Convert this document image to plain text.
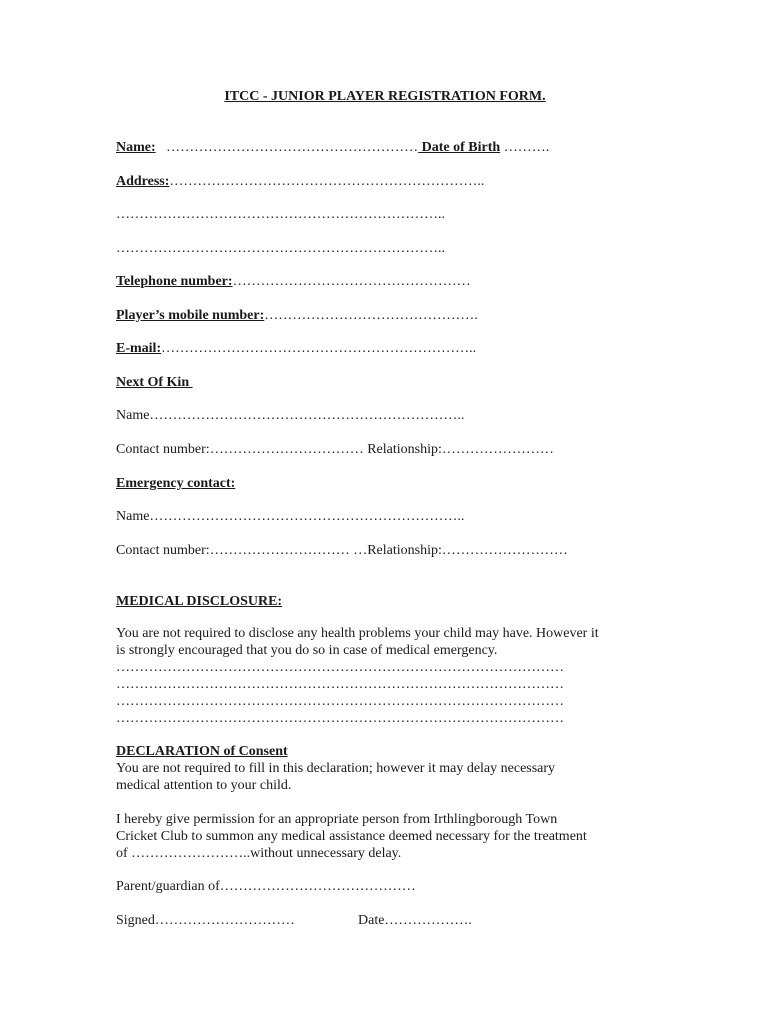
ITCC - JUNIOR PLAYER REGISTRATION FORM.
Name: ……………………………………………… Date of Birth ……….
Address:…………………………………………………………..
……………………………………………………………..
……………………………………………………………..
Telephone number:……………………………………………
Player’s mobile number:……………………………………….
E-mail:…………………………………………………………..
Next Of Kin
Name…………………………………………………………..
Contact number:…………………………… Relationship:……………………
Emergency contact:
Name…………………………………………………………..
Contact number:………………………… …Relationship:………………………
MEDICAL DISCLOSURE:
You are not required to disclose any health problems your child may have. However it
is strongly encouraged that you do so in case of medical emergency.
……………………………………………………………………………………
……………………………………………………………………………………
……………………………………………………………………………………
……………………………………………………………………………………
DECLARATION of Consent
You are not required to fill in this declaration; however it may delay necessary
medical attention to your child.
I hereby give permission for an appropriate person from Irthlingborough Town
Cricket Club to summon any medical assistance deemed necessary for the treatment
of ……………………..without unnecessary delay.
Parent/guardian of……………………………………
Signed…………………………	Date……………….
